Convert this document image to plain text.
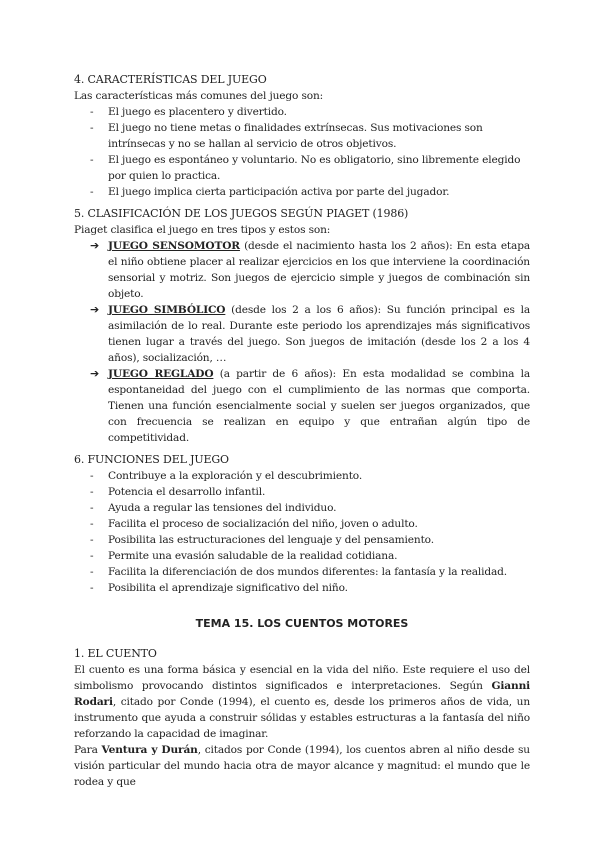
4. CARACTERÍSTICAS DEL JUEGO

Las características más comunes del juego son:

- El juego es placentero y divertido.
- El juego no tiene metas o finalidades extrínsecas. Sus motivaciones son intrínsecas y no se hallan al servicio de otros objetivos.
- El juego es espontáneo y voluntario. No es obligatorio, sino libremente elegido por quien lo practica.
- El juego implica cierta participación activa por parte del jugador.
5. CLASIFICACIÓN DE LOS JUEGOS SEGÚN PIAGET (1986)

Piaget clasifica el juego en tres tipos y estos son:

➔ JUEGO SENSOMOTOR (desde el nacimiento hasta los 2 años): En esta etapa el niño obtiene placer al realizar ejercicios en los que interviene la coordinación sensorial y motriz. Son juegos de ejercicio simple y juegos de combinación sin objeto.
➔ JUEGO SIMBÓLICO (desde los 2 a los 6 años): Su función principal es la asimilación de lo real. Durante este periodo los aprendizajes más significativos tienen lugar a través del juego. Son juegos de imitación (desde los 2 a los 4 años), socialización, …
➔ JUEGO REGLADO (a partir de 6 años): En esta modalidad se combina la espontaneidad del juego con el cumplimiento de las normas que comporta. Tienen una función esencialmente social y suelen ser juegos organizados, que con frecuencia se realizan en equipo y que entrañan algún tipo de competitividad.
6. FUNCIONES DEL JUEGO
- Contribuye a la exploración y el descubrimiento.
- Potencia el desarrollo infantil.
- Ayuda a regular las tensiones del individuo.
- Facilita el proceso de socialización del niño, joven o adulto.
- Posibilita las estructuraciones del lenguaje y del pensamiento.
- Permite una evasión saludable de la realidad cotidiana.
- Facilita la diferenciación de dos mundos diferentes: la fantasía y la realidad.
- Posibilita el aprendizaje significativo del niño.
TEMA 15. LOS CUENTOS MOTORES
1. EL CUENTO

El cuento es una forma básica y esencial en la vida del niño. Este requiere el uso del simbolismo provocando distintos significados e interpretaciones. Según Gianni Rodari, citado por Conde (1994), el cuento es, desde los primeros años de vida, un instrumento que ayuda a construir sólidas y estables estructuras a la fantasía del niño reforzando la capacidad de imaginar.

Para Ventura y Durán, citados por Conde (1994), los cuentos abren al niño desde su visión particular del mundo hacia otra de mayor alcance y magnitud: el mundo que le rodea y que
